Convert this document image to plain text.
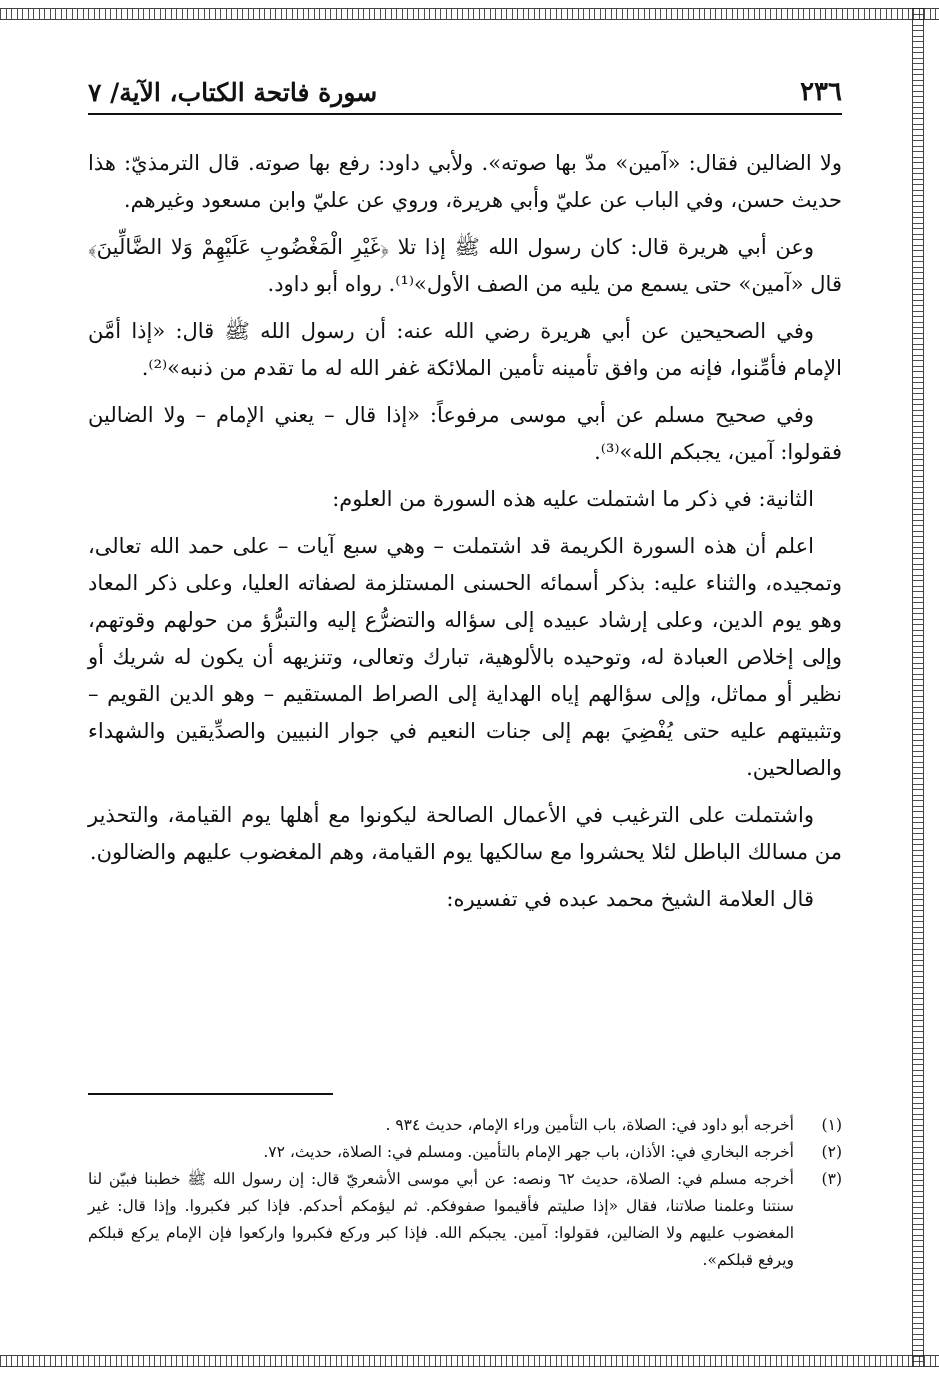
٢٣٦
سورة فاتحة الكتاب، الآية/ ٧

ولا الضالين فقال: «آمين» مدّ بها صوته». ولأبي داود: رفع بها صوته. قال الترمذيّ: هذا حديث حسن، وفي الباب عن عليّ وأبي هريرة، وروي عن عليّ وابن مسعود وغيرهم.

وعن أبي هريرة قال: كان رسول الله ﷺ إذا تلا ﴿غَيْرِ الْمَغْضُوبِ عَلَيْهِمْ وَلا الضَّالِّينَ﴾ قال «آمين» حتى يسمع من يليه من الصف الأول»⁽¹⁾. رواه أبو داود.

وفي الصحيحين عن أبي هريرة رضي الله عنه: أن رسول الله ﷺ قال: «إذا أمَّن الإمام فأمِّنوا، فإنه من وافق تأمينه تأمين الملائكة غفر الله له ما تقدم من ذنبه»⁽²⁾.

وفي صحيح مسلم عن أبي موسى مرفوعاً: «إذا قال – يعني الإمام – ولا الضالين فقولوا: آمين، يجبكم الله»⁽³⁾.

الثانية: في ذكر ما اشتملت عليه هذه السورة من العلوم:

اعلم أن هذه السورة الكريمة قد اشتملت – وهي سبع آيات – على حمد الله تعالى، وتمجيده، والثناء عليه: بذكر أسمائه الحسنى المستلزمة لصفاته العليا، وعلى ذكر المعاد وهو يوم الدين، وعلى إرشاد عبيده إلى سؤاله والتضرُّع إليه والتبرُّؤ من حولهم وقوتهم، وإلى إخلاص العبادة له، وتوحيده بالألوهية، تبارك وتعالى، وتنزيهه أن يكون له شريك أو نظير أو مماثل، وإلى سؤالهم إياه الهداية إلى الصراط المستقيم – وهو الدين القويم – وتثبيتهم عليه حتى يُفْضِيَ بهم إلى جنات النعيم في جوار النبيين والصدِّيقين والشهداء والصالحين.

واشتملت على الترغيب في الأعمال الصالحة ليكونوا مع أهلها يوم القيامة، والتحذير من مسالك الباطل لئلا يحشروا مع سالكيها يوم القيامة، وهم المغضوب عليهم والضالون.

قال العلامة الشيخ محمد عبده في تفسيره:

(١)
أخرجه أبو داود في: الصلاة، باب التأمين وراء الإمام، حديث ٩٣٤ .
(٢)
أخرجه البخاري في: الأذان، باب جهر الإمام بالتأمين. ومسلم في: الصلاة، حديث، ٧٢.
(٣)
أخرجه مسلم في: الصلاة، حديث ٦٢ ونصه: عن أبي موسى الأشعريّ قال: إن رسول الله ﷺ خطبنا فبيّن لنا سنتنا وعلمنا صلاتنا، فقال «إذا صليتم فأقيموا صفوفكم. ثم ليؤمكم أحدكم. فإذا كبر فكبروا. وإذا قال: غير المغضوب عليهم ولا الضالين، فقولوا: آمين. يجبكم الله. فإذا كبر وركع فكبروا واركعوا فإن الإمام يركع قبلكم ويرفع قبلكم».
